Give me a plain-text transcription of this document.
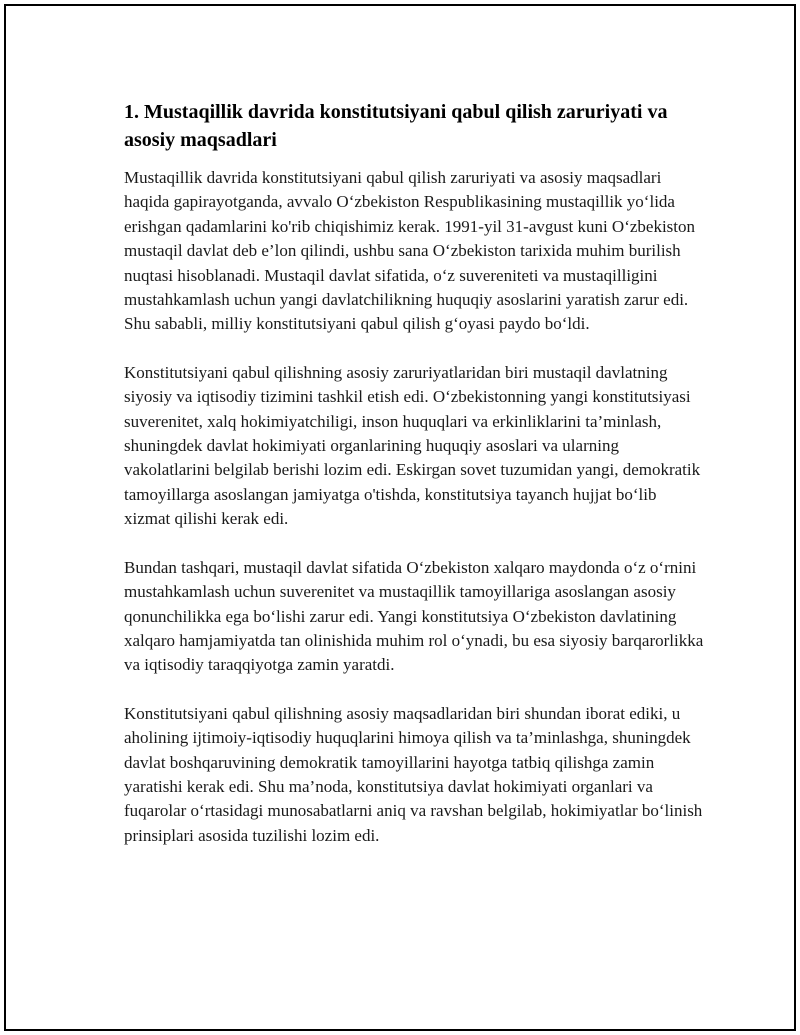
1. Mustaqillik davrida konstitutsiyani qabul qilish zaruriyati va asosiy maqsadlari

Mustaqillik davrida konstitutsiyani qabul qilish zaruriyati va asosiy maqsadlari haqida gapirayotganda, avvalo O‘zbekiston Respublikasining mustaqillik yo‘lida erishgan qadamlarini ko'rib chiqishimiz kerak. 1991-yil 31-avgust kuni O‘zbekiston mustaqil davlat deb e’lon qilindi, ushbu sana O‘zbekiston tarixida muhim burilish nuqtasi hisoblanadi. Mustaqil davlat sifatida, o‘z suvereniteti va mustaqilligini mustahkamlash uchun yangi davlatchilikning huquqiy asoslarini yaratish zarur edi. Shu sababli, milliy konstitutsiyani qabul qilish g‘oyasi paydo bo‘ldi.

Konstitutsiyani qabul qilishning asosiy zaruriyatlaridan biri mustaqil davlatning siyosiy va iqtisodiy tizimini tashkil etish edi. O‘zbekistonning yangi konstitutsiyasi suverenitet, xalq hokimiyatchiligi, inson huquqlari va erkinliklarini ta’minlash, shuningdek davlat hokimiyati organlarining huquqiy asoslari va ularning vakolatlarini belgilab berishi lozim edi. Eskirgan sovet tuzumidan yangi, demokratik tamoyillarga asoslangan jamiyatga o'tishda, konstitutsiya tayanch hujjat bo‘lib xizmat qilishi kerak edi.

Bundan tashqari, mustaqil davlat sifatida O‘zbekiston xalqaro maydonda o‘z o‘rnini mustahkamlash uchun suverenitet va mustaqillik tamoyillariga asoslangan asosiy qonunchilikka ega bo‘lishi zarur edi. Yangi konstitutsiya O‘zbekiston davlatining xalqaro hamjamiyatda tan olinishida muhim rol o‘ynadi, bu esa siyosiy barqarorlikka va iqtisodiy taraqqiyotga zamin yaratdi.

Konstitutsiyani qabul qilishning asosiy maqsadlaridan biri shundan iborat ediki, u aholining ijtimoiy-iqtisodiy huquqlarini himoya qilish va ta’minlashga, shuningdek davlat boshqaruvining demokratik tamoyillarini hayotga tatbiq qilishga zamin yaratishi kerak edi. Shu ma’noda, konstitutsiya davlat hokimiyati organlari va fuqarolar o‘rtasidagi munosabatlarni aniq va ravshan belgilab, hokimiyatlar bo‘linish prinsiplari asosida tuzilishi lozim edi.
